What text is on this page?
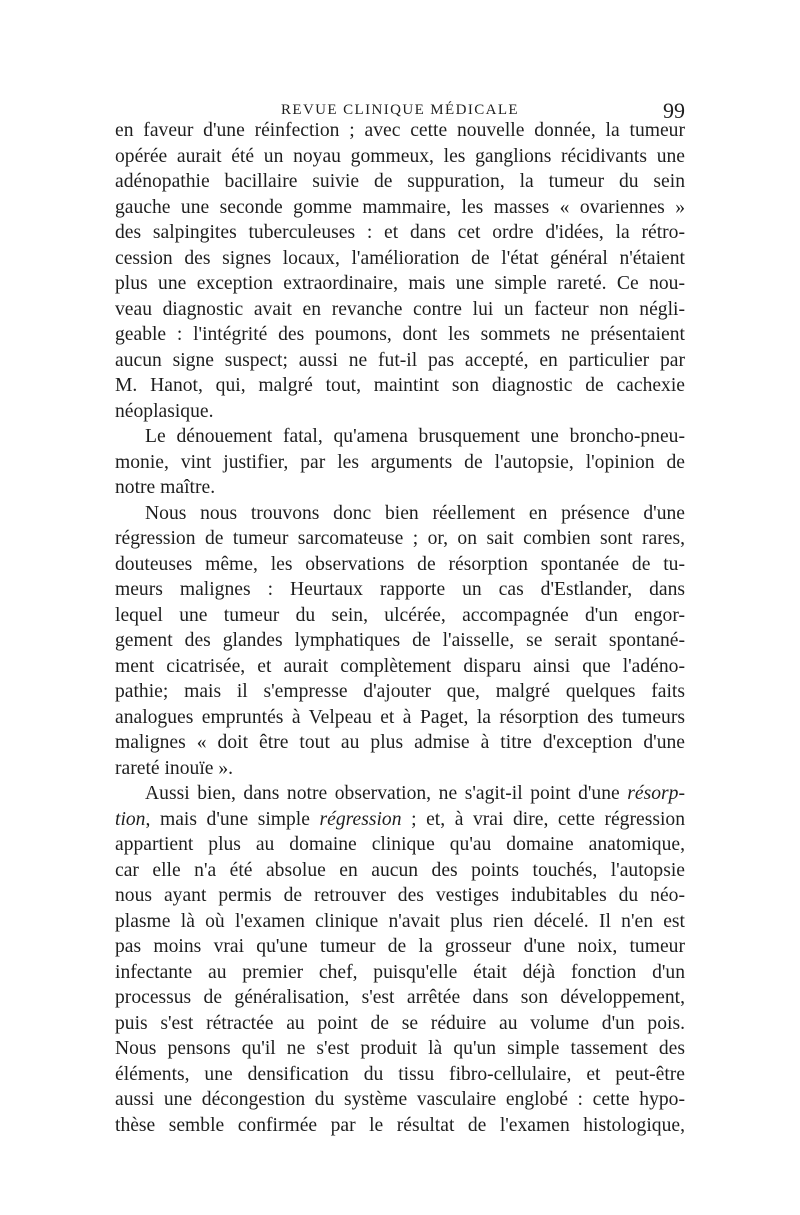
REVUE CLINIQUE MÉDICALE	99
en faveur d'une réinfection ; avec cette nouvelle donnée, la tumeur
opérée aurait été un noyau gommeux, les ganglions récidivants une
adénopathie bacillaire suivie de suppuration, la tumeur du sein
gauche une seconde gomme mammaire, les masses « ovariennes »
des salpingites tuberculeuses : et dans cet ordre d'idées, la rétro-
cession des signes locaux, l'amélioration de l'état général n'étaient
plus une exception extraordinaire, mais une simple rareté. Ce nou-
veau diagnostic avait en revanche contre lui un facteur non négli-
geable : l'intégrité des poumons, dont les sommets ne présentaient
aucun signe suspect; aussi ne fut-il pas accepté, en particulier par
M. Hanot, qui, malgré tout, maintint son diagnostic de cachexie
néoplasique.
Le dénouement fatal, qu'amena brusquement une broncho-pneu-
monie, vint justifier, par les arguments de l'autopsie, l'opinion de
notre maître.
Nous nous trouvons donc bien réellement en présence d'une
régression de tumeur sarcomateuse ; or, on sait combien sont rares,
douteuses même, les observations de résorption spontanée de tu-
meurs malignes : Heurtaux rapporte un cas d'Estlander, dans
lequel une tumeur du sein, ulcérée, accompagnée d'un engor-
gement des glandes lymphatiques de l'aisselle, se serait spontané-
ment cicatrisée, et aurait complètement disparu ainsi que l'adéno-
pathie; mais il s'empresse d'ajouter que, malgré quelques faits
analogues empruntés à Velpeau et à Paget, la résorption des tumeurs
malignes « doit être tout au plus admise à titre d'exception d'une
rareté inouïe ».
Aussi bien, dans notre observation, ne s'agit-il point d'une résorp-
tion, mais d'une simple régression ; et, à vrai dire, cette régression
appartient plus au domaine clinique qu'au domaine anatomique,
car elle n'a été absolue en aucun des points touchés, l'autopsie
nous ayant permis de retrouver des vestiges indubitables du néo-
plasme là où l'examen clinique n'avait plus rien décelé. Il n'en est
pas moins vrai qu'une tumeur de la grosseur d'une noix, tumeur
infectante au premier chef, puisqu'elle était déjà fonction d'un
processus de généralisation, s'est arrêtée dans son développement,
puis s'est rétractée au point de se réduire au volume d'un pois.
Nous pensons qu'il ne s'est produit là qu'un simple tassement des
éléments, une densification du tissu fibro-cellulaire, et peut-être
aussi une décongestion du système vasculaire englobé : cette hypo-
thèse semble confirmée par le résultat de l'examen histologique,
